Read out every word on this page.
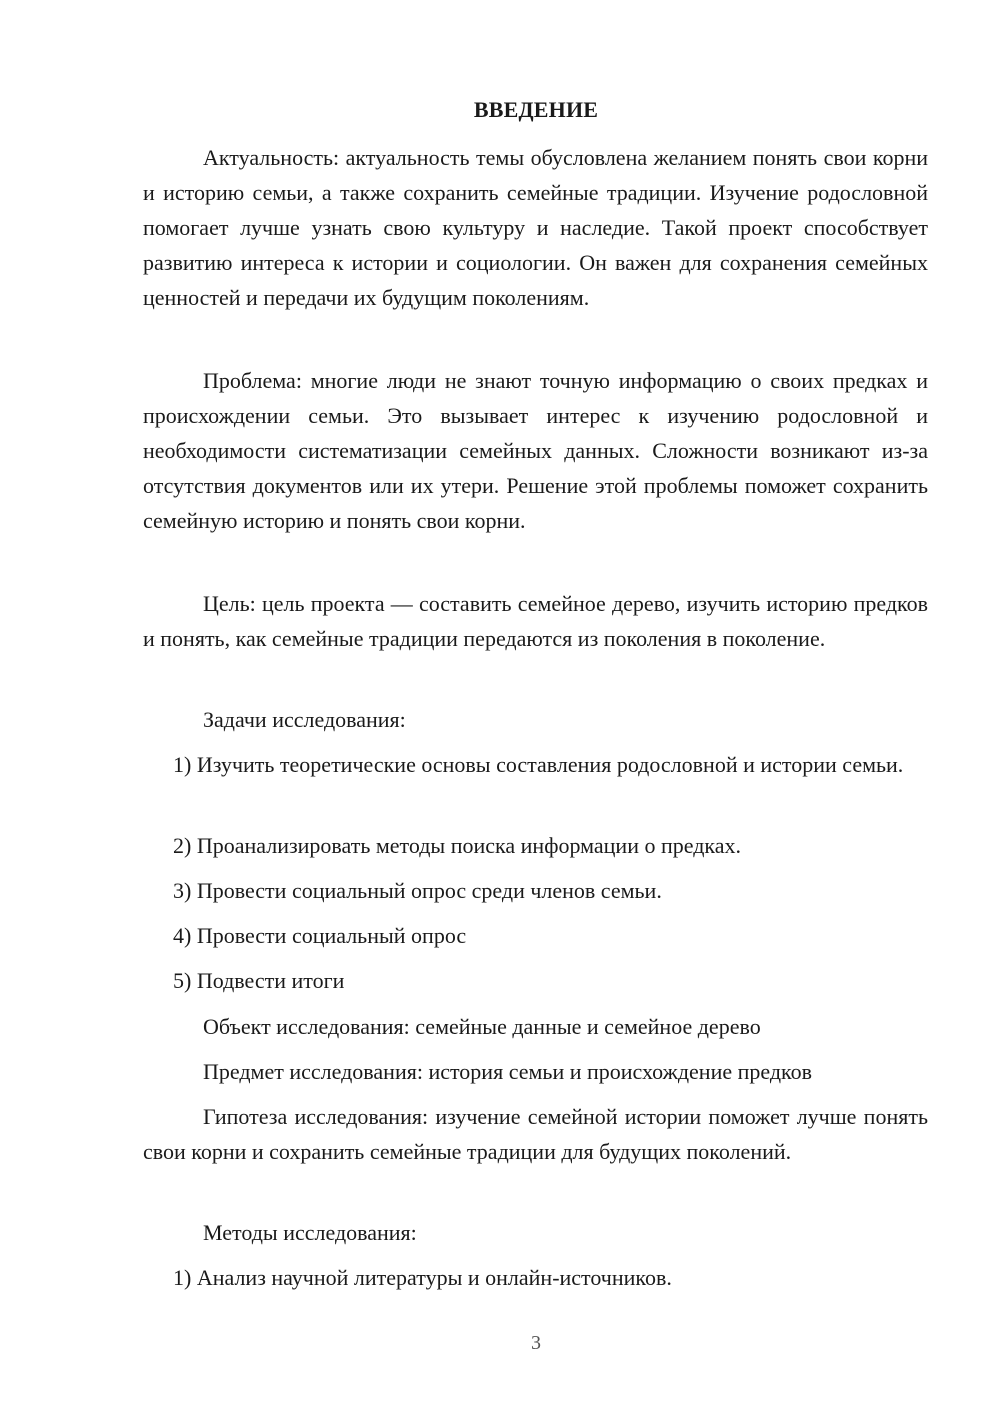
ВВЕДЕНИЕ

Актуальность: актуальность темы обусловлена желанием понять свои корни и историю семьи, а также сохранить семейные традиции. Изучение родословной помогает лучше узнать свою культуру и наследие. Такой проект способствует развитию интереса к истории и социологии. Он важен для сохранения семейных ценностей и передачи их будущим поколениям.

Проблема: многие люди не знают точную информацию о своих предках и происхождении семьи. Это вызывает интерес к изучению родословной и необходимости систематизации семейных данных. Сложности возникают из-за отсутствия документов или их утери. Решение этой проблемы поможет сохранить семейную историю и понять свои корни.

Цель: цель проекта — составить семейное дерево, изучить историю предков и понять, как семейные традиции передаются из поколения в поколение.

Задачи исследования:

1) Изучить теоретические основы составления родословной и истории семьи.

2) Проанализировать методы поиска информации о предках.

3) Провести социальный опрос среди членов семьи.

4) Провести социальный опрос

5) Подвести итоги

Объект исследования: семейные данные и семейное дерево

Предмет исследования: история семьи и происхождение предков

Гипотеза исследования: изучение семейной истории поможет лучше понять свои корни и сохранить семейные традиции для будущих поколений.

Методы исследования:

1) Анализ научной литературы и онлайн-источников.

3
